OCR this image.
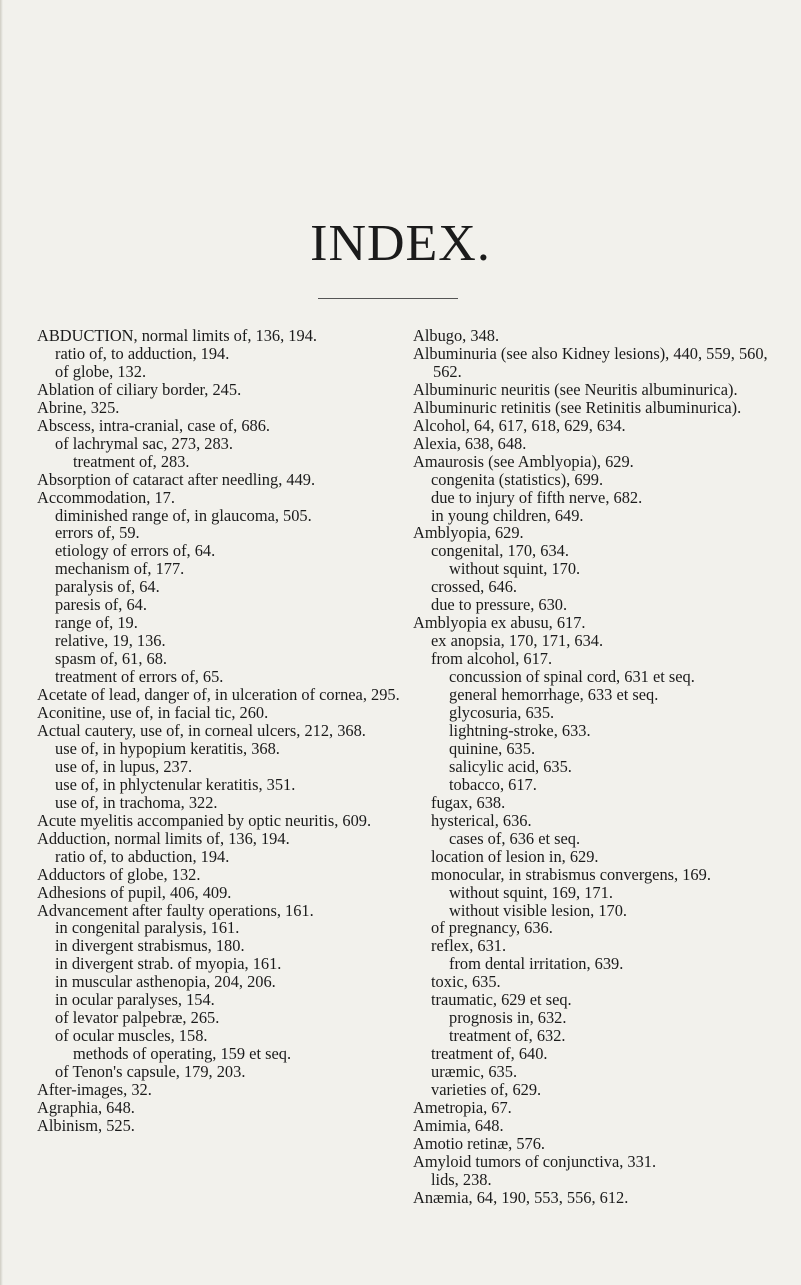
INDEX.
ABDUCTION, normal limits of, 136, 194.
ratio of, to adduction, 194.
of globe, 132.
Ablation of ciliary border, 245.
Abrine, 325.
Abscess, intra-cranial, case of, 686.
of lachrymal sac, 273, 283.
treatment of, 283.
Absorption of cataract after needling, 449.
Accommodation, 17.
diminished range of, in glaucoma, 505.
errors of, 59.
etiology of errors of, 64.
mechanism of, 177.
paralysis of, 64.
paresis of, 64.
range of, 19.
relative, 19, 136.
spasm of, 61, 68.
treatment of errors of, 65.
Acetate of lead, danger of, in ulceration of cornea, 295.
Aconitine, use of, in facial tic, 260.
Actual cautery, use of, in corneal ulcers, 212, 368.
use of, in hypopium keratitis, 368.
use of, in lupus, 237.
use of, in phlyctenular keratitis, 351.
use of, in trachoma, 322.
Acute myelitis accompanied by optic neuritis, 609.
Adduction, normal limits of, 136, 194.
ratio of, to abduction, 194.
Adductors of globe, 132.
Adhesions of pupil, 406, 409.
Advancement after faulty operations, 161.
in congenital paralysis, 161.
in divergent strabismus, 180.
in divergent strab. of myopia, 161.
in muscular asthenopia, 204, 206.
in ocular paralyses, 154.
of levator palpebræ, 265.
of ocular muscles, 158.
methods of operating, 159 et seq.
of Tenon's capsule, 179, 203.
After-images, 32.
Agraphia, 648.
Albinism, 525.
Albugo, 348.
Albuminuria (see also Kidney lesions), 440, 559, 560, 562.
Albuminuric neuritis (see Neuritis albuminurica).
Albuminuric retinitis (see Retinitis albuminurica).
Alcohol, 64, 617, 618, 629, 634.
Alexia, 638, 648.
Amaurosis (see Amblyopia), 629.
congenita (statistics), 699.
due to injury of fifth nerve, 682.
in young children, 649.
Amblyopia, 629.
congenital, 170, 634.
without squint, 170.
crossed, 646.
due to pressure, 630.
Amblyopia ex abusu, 617.
ex anopsia, 170, 171, 634.
from alcohol, 617.
concussion of spinal cord, 631 et seq.
general hemorrhage, 633 et seq.
glycosuria, 635.
lightning-stroke, 633.
quinine, 635.
salicylic acid, 635.
tobacco, 617.
fugax, 638.
hysterical, 636.
cases of, 636 et seq.
location of lesion in, 629.
monocular, in strabismus convergens, 169.
without squint, 169, 171.
without visible lesion, 170.
of pregnancy, 636.
reflex, 631.
from dental irritation, 639.
toxic, 635.
traumatic, 629 et seq.
prognosis in, 632.
treatment of, 632.
treatment of, 640.
uræmic, 635.
varieties of, 629.
Ametropia, 67.
Amimia, 648.
Amotio retinæ, 576.
Amyloid tumors of conjunctiva, 331.
lids, 238.
Anæmia, 64, 190, 553, 556, 612.
